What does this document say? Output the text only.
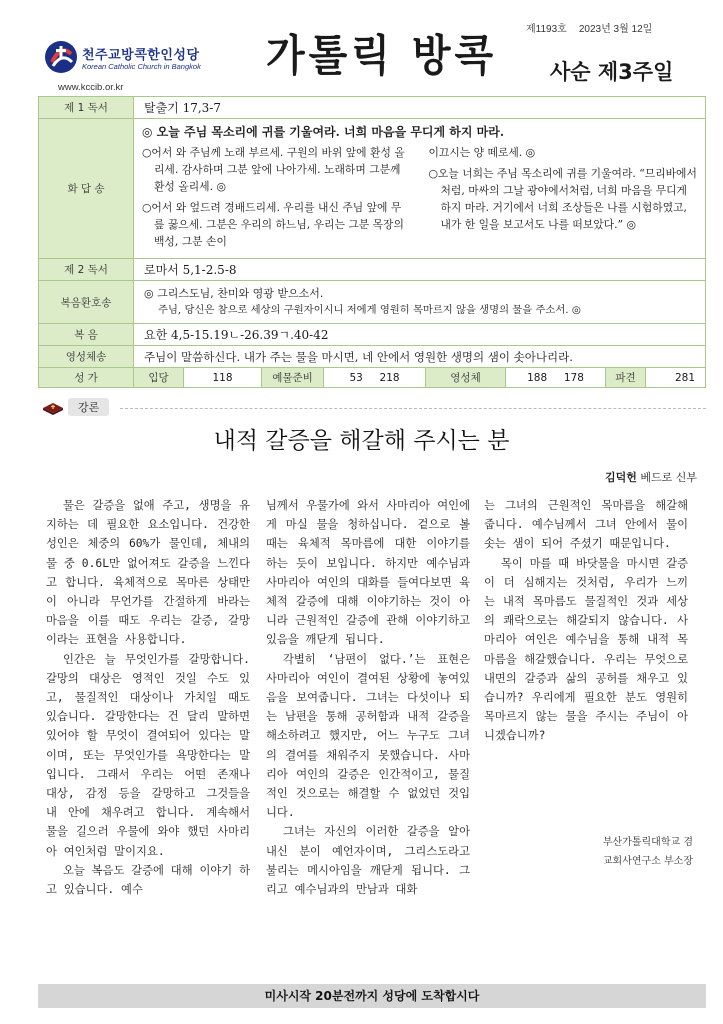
천주교방콕한인성당
Korean Catholic Church in Bangkok
www.kccib.or.kr
가톨릭 방콕
제1193호 2023년 3월 12일
사순 제3주일
제 1 독서	탈출기 17,3-7							
화 답 송	◎ 오늘 주님 목소리에 귀를 기울여라. 너희 마음을 무디게 하지 마라.

○어서 와 주님께 노래 부르세. 구원의 바위 앞에 환성 올리세. 감사하며 그분 앞에 나아가세. 노래하며 그분께 환성 올리세. ◎

○어서 와 엎드려 경배드리세. 우리를 내신 주님 앞에 무릎 꿇으세. 그분은 우리의 하느님, 우리는 그분 목장의 백성, 그분 손이

이끄시는 양 떼로세. ◎

○오늘 너희는 주님 목소리에 귀를 기울여라. “므리바에서처럼, 마싸의 그날 광야에서처럼, 너희 마음을 무디게 하지 마라. 거기에서 너희 조상들은 나를 시험하였고, 내가 한 일을 보고서도 나를 떠보았다.” ◎							

제 2 독서	로마서 5,1-2.5-8							
복음환호송	◎ 그리스도님, 찬미와 영광 받으소서.
주님, 당신은 참으로 세상의 구원자이시니 저에게 영원히 목마르지 않을 생명의 물을 주소서. ◎							

복 음	요한 4,5-15.19ㄴ-26.39ㄱ.40-42							
영성체송	주님이 말씀하신다. 내가 주는 물을 마시면, 네 안에서 영원한 생명의 샘이 솟아나리라.							
성 가	입당	118	예물준비	53 218	영성체	188 178	파견	281
강론
내적 갈증을 해갈해 주시는 분
김덕헌 베드로 신부

물은 갈증을 없애 주고, 생명을 유지하는 데 필요한 요소입니다. 건강한 성인은 체중의 60%가 물인데, 체내의 물 중 0.6L만 없어져도 갈증을 느낀다고 합니다. 육체적으로 목마른 상태만이 아니라 무언가를 간절하게 바라는 마음을 이를 때도 우리는 갈증, 갈망이라는 표현을 사용합니다.

인간은 늘 무엇인가를 갈망합니다. 갈망의 대상은 영적인 것일 수도 있고, 물질적인 대상이나 가치일 때도 있습니다. 갈망한다는 건 달리 말하면 있어야 할 무엇이 결여되어 있다는 말이며, 또는 무엇인가를 욕망한다는 말입니다. 그래서 우리는 어떤 존재나 대상, 감정 등을 갈망하고 그것들을 내 안에 채우려고 합니다. 계속해서 물을 길으러 우물에 와야 했던 사마리아 여인처럼 말이지요.

오늘 복음도 갈증에 대해 이야기 하고 있습니다. 예수

님께서 우물가에 와서 사마리아 여인에게 마실 물을 청하십니다. 겉으로 볼 때는 육체적 목마름에 대한 이야기를 하는 듯이 보입니다. 하지만 예수님과 사마리아 여인의 대화를 들여다보면 육체적 갈증에 대해 이야기하는 것이 아니라 근원적인 갈증에 관해 이야기하고 있음을 깨닫게 됩니다.

각별히 ‘남편이 없다.’는 표현은 사마리아 여인이 결여된 상황에 놓여있음을 보여줍니다. 그녀는 다섯이나 되는 남편을 통해 공허함과 내적 갈증을 해소하려고 했지만, 어느 누구도 그녀의 결여를 채워주지 못했습니다. 사마리아 여인의 갈증은 인간적이고, 물질적인 것으로는 해결할 수 없었던 것입니다.

그녀는 자신의 이러한 갈증을 알아내신 분이 예언자이며, 그리스도라고 불리는 메시아임을 깨닫게 됩니다. 그리고 예수님과의 만남과 대화

는 그녀의 근원적인 목마름을 해갈해 줍니다. 예수님께서 그녀 안에서 물이 솟는 샘이 되어 주셨기 때문입니다.

목이 마를 때 바닷물을 마시면 갈증이 더 심해지는 것처럼, 우리가 느끼는 내적 목마름도 물질적인 것과 세상의 쾌락으로는 해갈되지 않습니다. 사마리아 여인은 예수님을 통해 내적 목마름을 해갈했습니다. 우리는 무엇으로 내면의 갈증과 삶의 공허를 채우고 있습니까? 우리에게 필요한 분도 영원히 목마르지 않는 물을 주시는 주님이 아니겠습니까?

부산가톨릭대학교 겸
교회사연구소 부소장
미사시작 20분전까지 성당에 도착합시다
